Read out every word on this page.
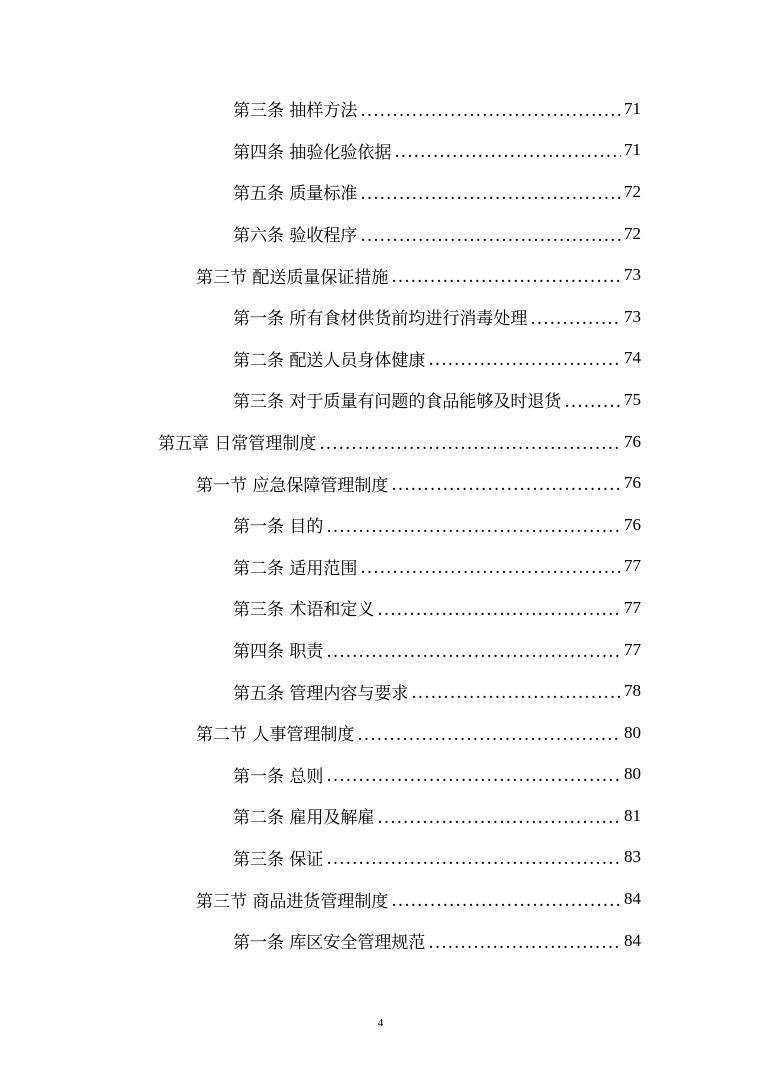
第三条 抽样方法 .....	71
第四条 抽验化验依据 .....	71
第五条 质量标准 .....	72
第六条 验收程序 .....	72
第三节 配送质量保证措施 .....	73
第一条 所有食材供货前均进行消毒处理 .....	73
第二条 配送人员身体健康 .....	74
第三条 对于质量有问题的食品能够及时退货 .....	75
第五章 日常管理制度 .....	76
第一节 应急保障管理制度 .....	76
第一条 目的 .....	76
第二条 适用范围 .....	77
第三条 术语和定义 .....	77
第四条 职责 .....	77
第五条 管理内容与要求 .....	78
第二节 人事管理制度 .....	80
第一条 总则 .....	80
第二条 雇用及解雇 .....	81
第三条 保证 .....	83
第三节 商品进货管理制度 .....	84
第一条 库区安全管理规范 .....	84
4
